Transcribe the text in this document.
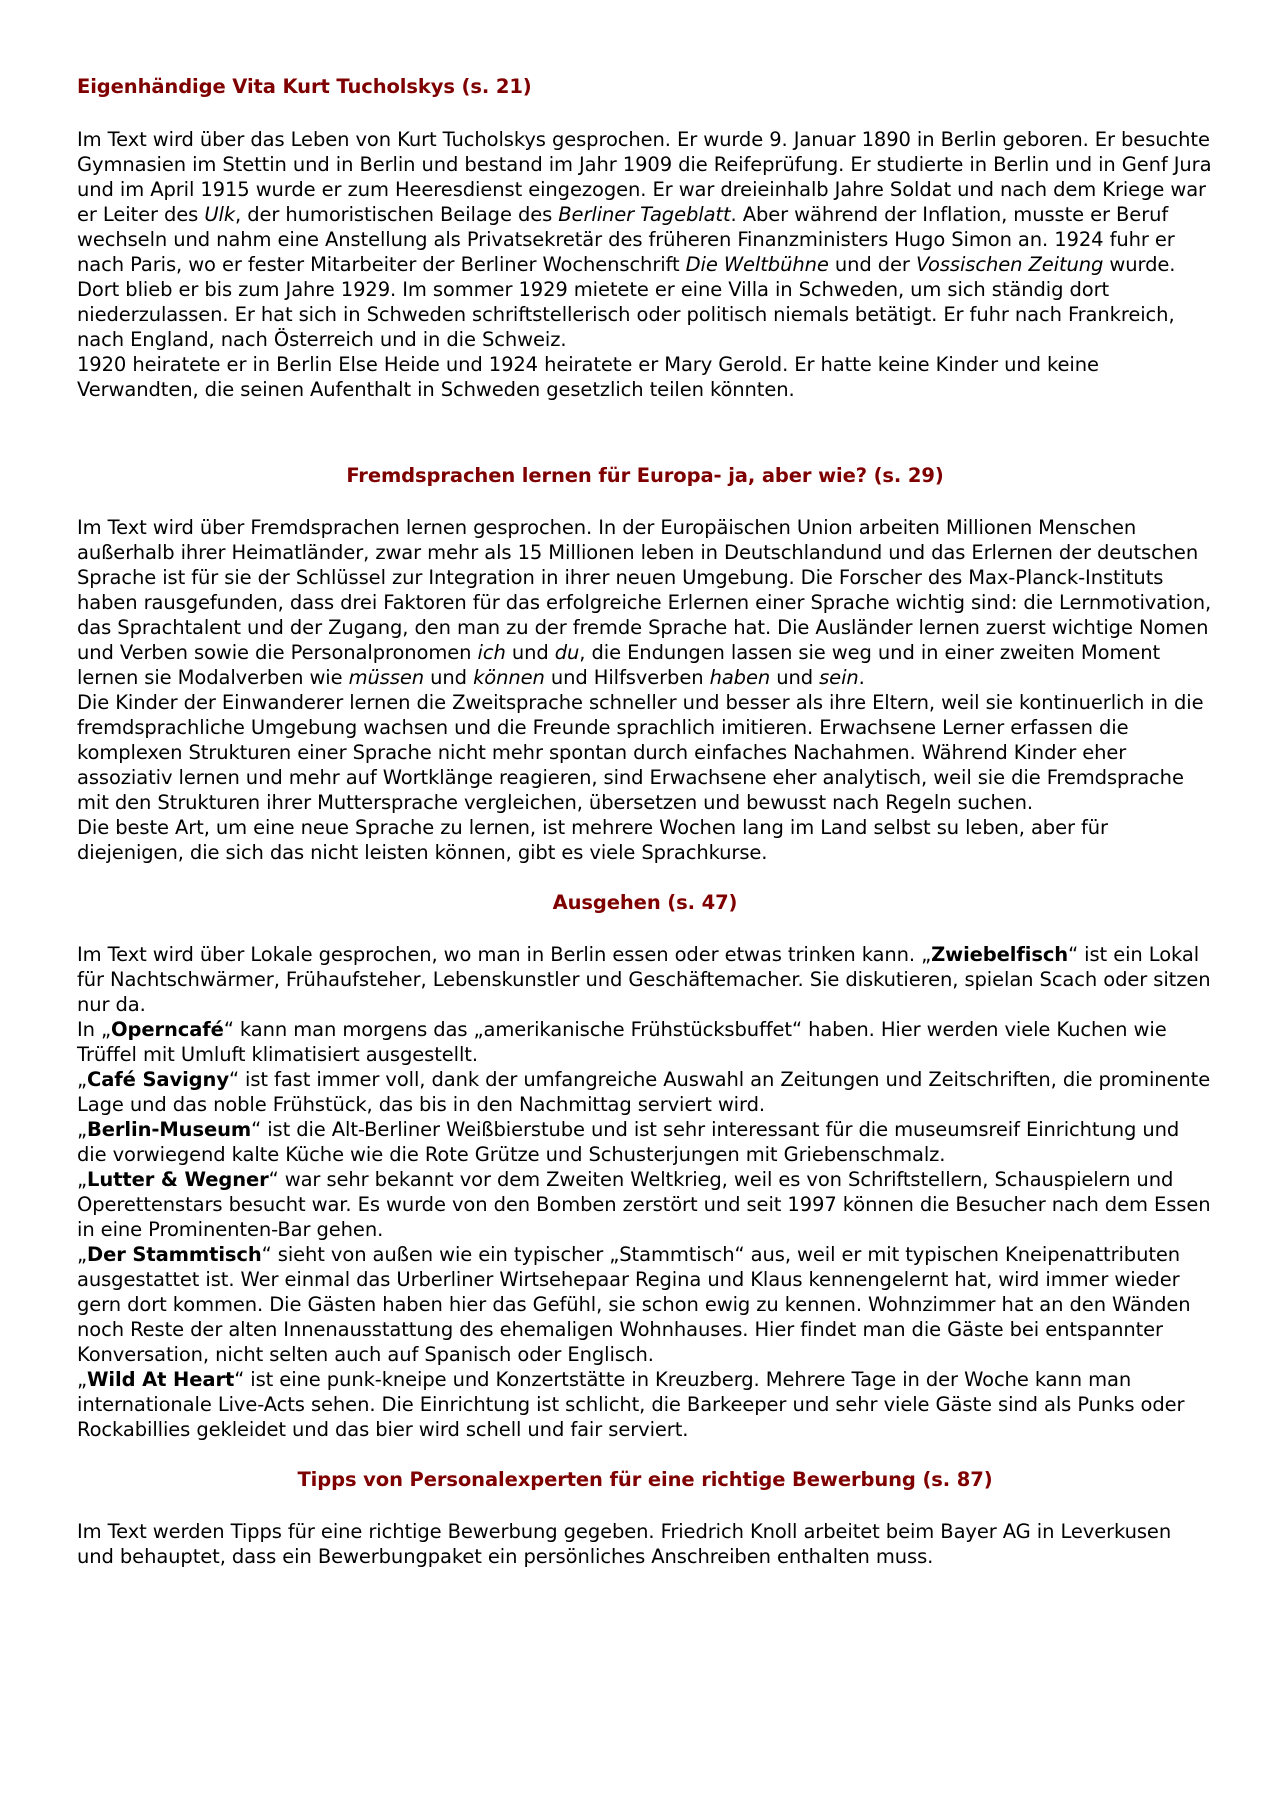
Eigenhändige Vita Kurt Tucholskys (s. 21)

Im Text wird über das Leben von Kurt Tucholskys gesprochen. Er wurde 9. Januar 1890 in Berlin geboren. Er besuchte Gymnasien im Stettin und in Berlin und bestand im Jahr 1909 die Reifeprüfung. Er studierte in Berlin und in Genf Jura und im April 1915 wurde er zum Heeresdienst eingezogen. Er war dreieinhalb Jahre Soldat und nach dem Kriege war er Leiter des Ulk, der humoristischen Beilage des Berliner Tageblatt. Aber während der Inflation, musste er Beruf wechseln und nahm eine Anstellung als Privatsekretär des früheren Finanzministers Hugo Simon an. 1924 fuhr er nach Paris, wo er fester Mitarbeiter der Berliner Wochenschrift Die Weltbühne und der Vossischen Zeitung wurde. Dort blieb er bis zum Jahre 1929. Im sommer 1929 mietete er eine Villa in Schweden, um sich ständig dort niederzulassen. Er hat sich in Schweden schriftstellerisch oder politisch niemals betätigt. Er fuhr nach Frankreich, nach England, nach Österreich und in die Schweiz.

1920 heiratete er in Berlin Else Heide und 1924 heiratete er Mary Gerold. Er hatte keine Kinder und keine Verwandten, die seinen Aufenthalt in Schweden gesetzlich teilen könnten.

Fremdsprachen lernen für Europa- ja, aber wie? (s. 29)

Im Text wird über Fremdsprachen lernen gesprochen. In der Europäischen Union arbeiten Millionen Menschen außerhalb ihrer Heimatländer, zwar mehr als 15 Millionen leben in Deutschlandund und das Erlernen der deutschen Sprache ist für sie der Schlüssel zur Integration in ihrer neuen Umgebung. Die Forscher des Max-Planck-Instituts haben rausgefunden, dass drei Faktoren für das erfolgreiche Erlernen einer Sprache wichtig sind: die Lernmotivation, das Sprachtalent und der Zugang, den man zu der fremde Sprache hat. Die Ausländer lernen zuerst wichtige Nomen und Verben sowie die Personalpronomen ich und du, die Endungen lassen sie weg und in einer zweiten Moment lernen sie Modalverben wie müssen und können und Hilfsverben haben und sein.

Die Kinder der Einwanderer lernen die Zweitsprache schneller und besser als ihre Eltern, weil sie kontinuerlich in die fremdsprachliche Umgebung wachsen und die Freunde sprachlich imitieren. Erwachsene Lerner erfassen die komplexen Strukturen einer Sprache nicht mehr spontan durch einfaches Nachahmen. Während Kinder eher assoziativ lernen und mehr auf Wortklänge reagieren, sind Erwachsene eher analytisch, weil sie die Fremdsprache mit den Strukturen ihrer Muttersprache vergleichen, übersetzen und bewusst nach Regeln suchen.

Die beste Art, um eine neue Sprache zu lernen, ist mehrere Wochen lang im Land selbst su leben, aber für diejenigen, die sich das nicht leisten können, gibt es viele Sprachkurse.

Ausgehen (s. 47)

Im Text wird über Lokale gesprochen, wo man in Berlin essen oder etwas trinken kann. „Zwiebelfisch“ ist ein Lokal für Nachtschwärmer, Frühaufsteher, Lebenskunstler und Geschäftemacher. Sie diskutieren, spielan Scach oder sitzen nur da.

In „Operncafé“ kann man morgens das „amerikanische Frühstücksbuffet“ haben. Hier werden viele Kuchen wie Trüffel mit Umluft klimatisiert ausgestellt.

„Café Savigny“ ist fast immer voll, dank der umfangreiche Auswahl an Zeitungen und Zeitschriften, die prominente Lage und das noble Frühstück, das bis in den Nachmittag serviert wird.

„Berlin-Museum“ ist die Alt-Berliner Weißbierstube und ist sehr interessant für die museumsreif Einrichtung und die vorwiegend kalte Küche wie die Rote Grütze und Schusterjungen mit Griebenschmalz.

„Lutter & Wegner“ war sehr bekannt vor dem Zweiten Weltkrieg, weil es von Schriftstellern, Schauspielern und Operettenstars besucht war. Es wurde von den Bomben zerstört und seit 1997 können die Besucher nach dem Essen in eine Prominenten-Bar gehen.

„Der Stammtisch“ sieht von außen wie ein typischer „Stammtisch“ aus, weil er mit typischen Kneipenattributen ausgestattet ist. Wer einmal das Urberliner Wirtsehepaar Regina und Klaus kennengelernt hat, wird immer wieder gern dort kommen. Die Gästen haben hier das Gefühl, sie schon ewig zu kennen. Wohnzimmer hat an den Wänden noch Reste der alten Innenausstattung des ehemaligen Wohnhauses. Hier findet man die Gäste bei entspannter Konversation, nicht selten auch auf Spanisch oder Englisch.

„Wild At Heart“ ist eine punk-kneipe und Konzertstätte in Kreuzberg. Mehrere Tage in der Woche kann man internationale Live-Acts sehen. Die Einrichtung ist schlicht, die Barkeeper und sehr viele Gäste sind als Punks oder Rockabillies gekleidet und das bier wird schell und fair serviert.

Tipps von Personalexperten für eine richtige Bewerbung (s. 87)

Im Text werden Tipps für eine richtige Bewerbung gegeben. Friedrich Knoll arbeitet beim Bayer AG in Leverkusen und behauptet, dass ein Bewerbungpaket ein persönliches Anschreiben enthalten muss.
